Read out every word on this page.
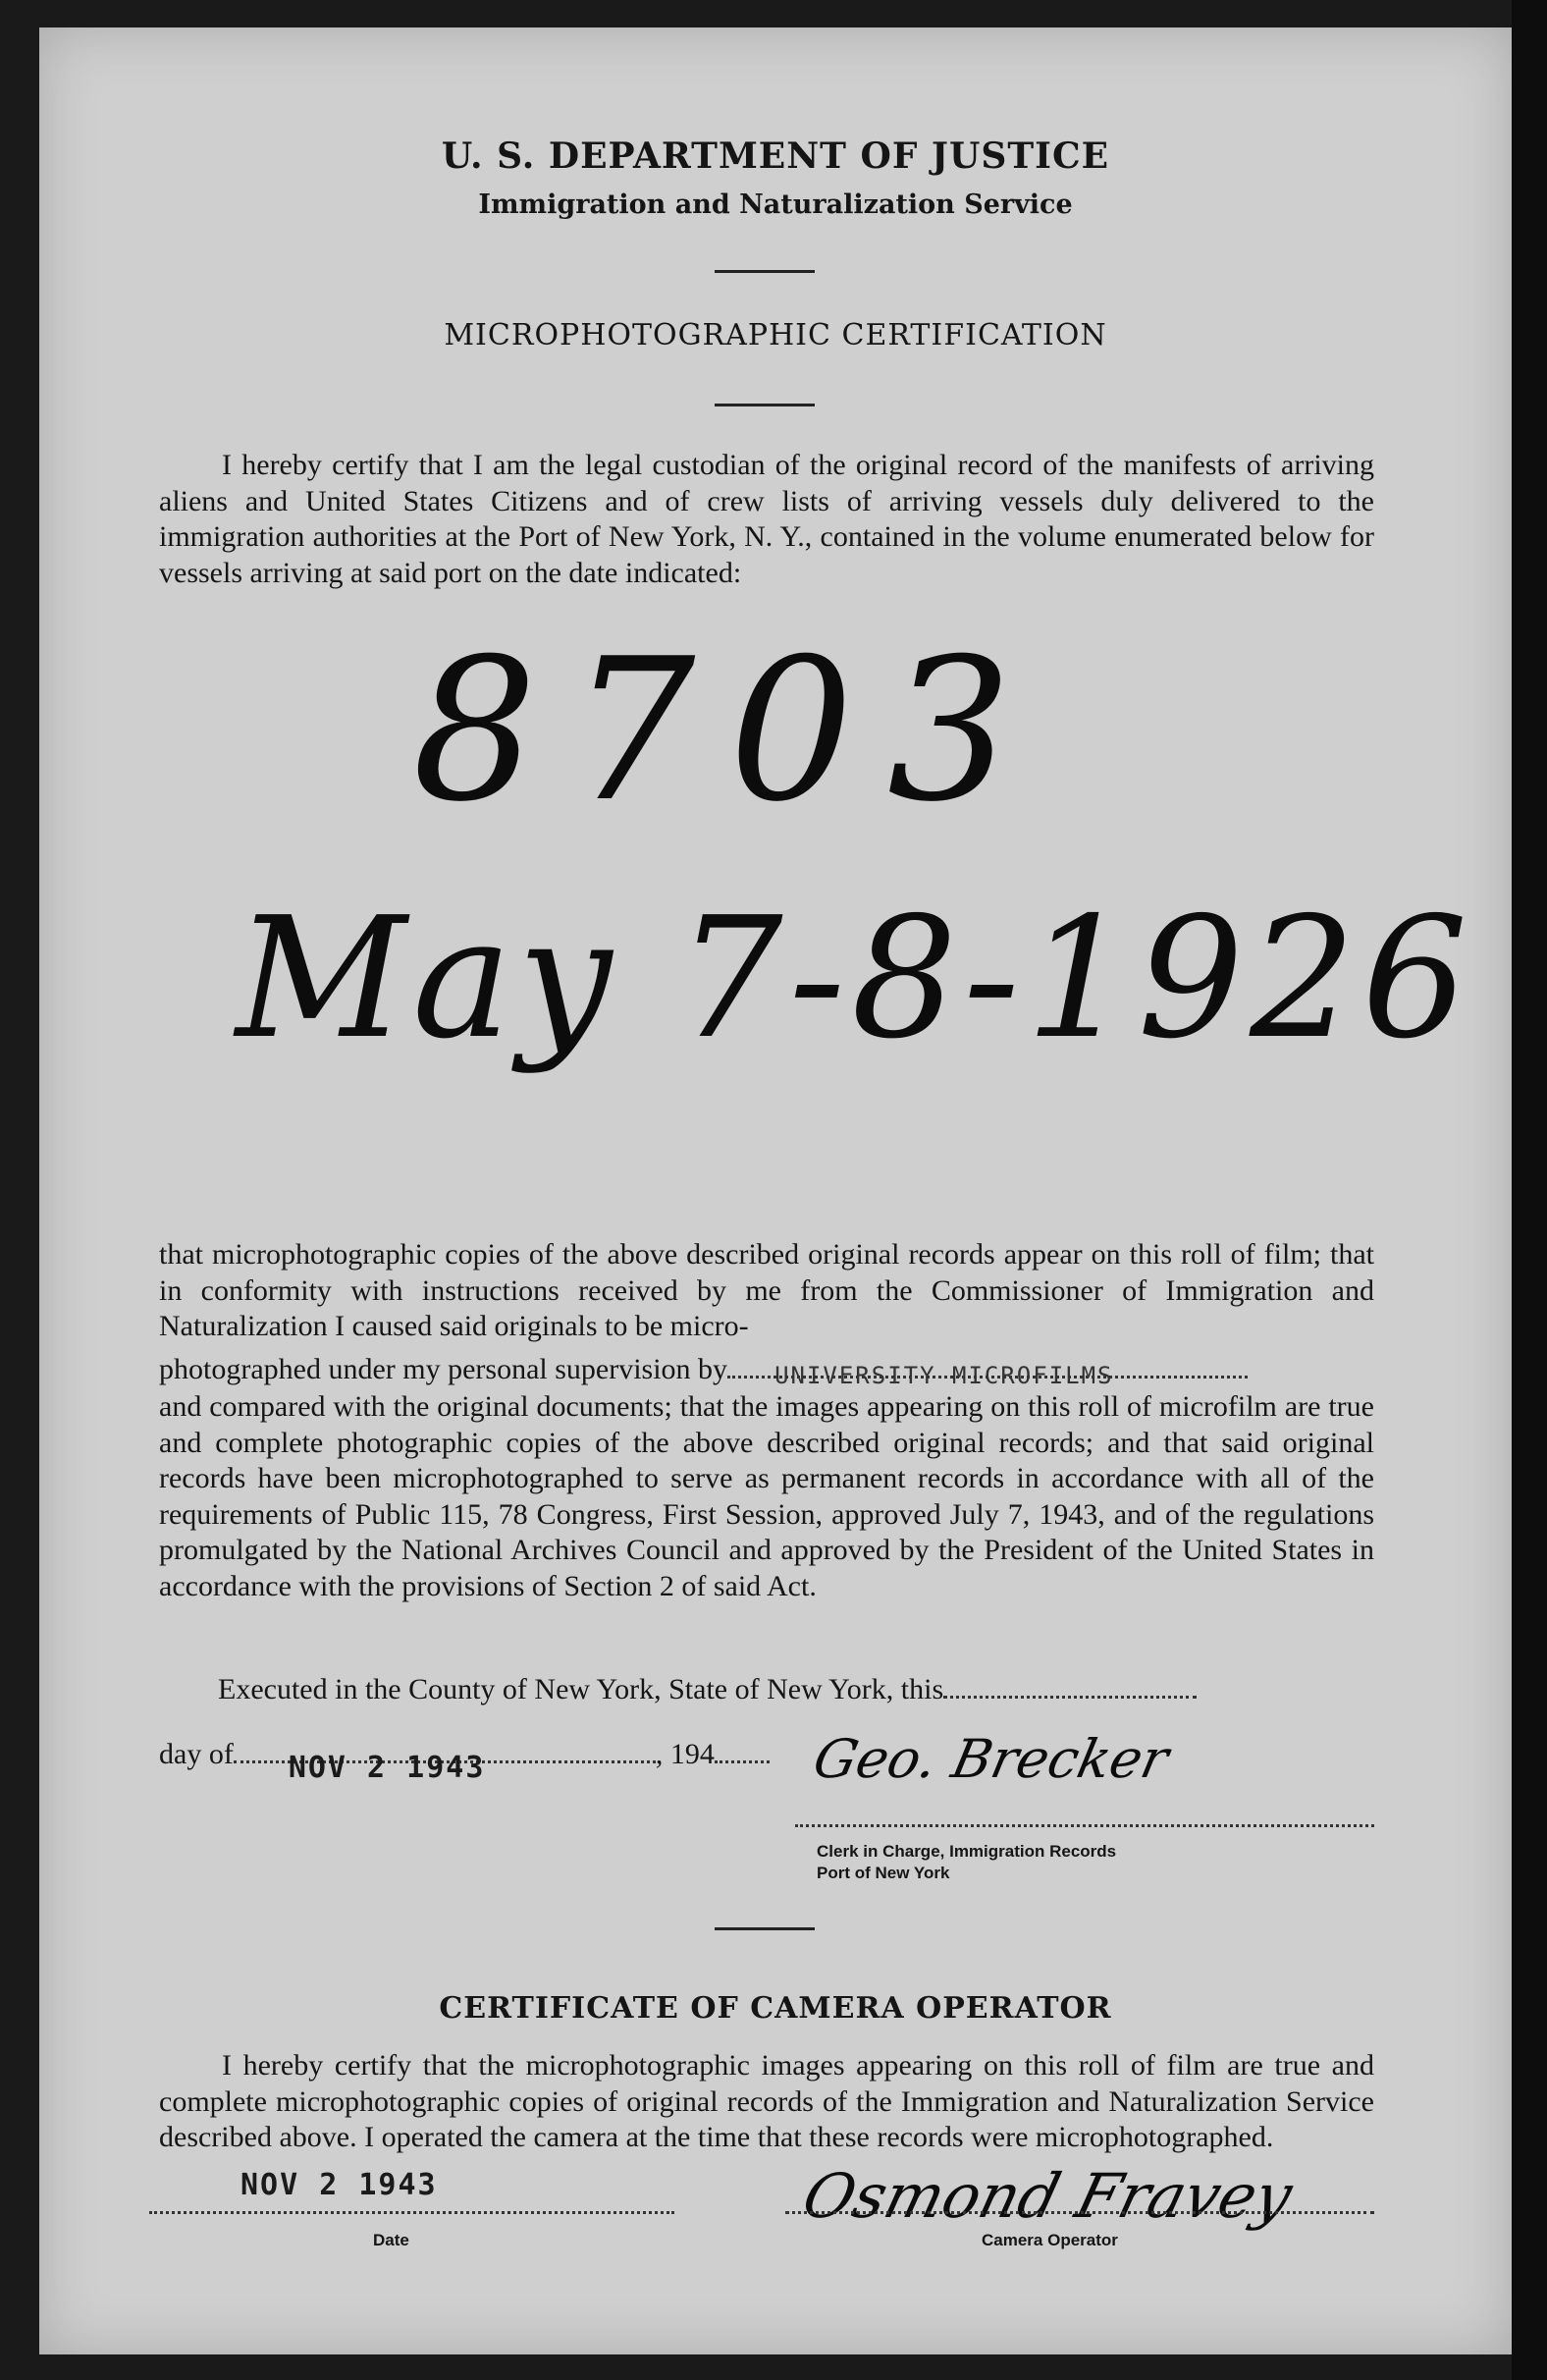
U. S. DEPARTMENT OF JUSTICE
Immigration and Naturalization Service
MICROPHOTOGRAPHIC CERTIFICATION
I hereby certify that I am the legal custodian of the original record of the manifests of arriving aliens and United States Citizens and of crew lists of arriving vessels duly delivered to the immigration authorities at the Port of New York, N. Y., contained in the volume enumerated below for vessels arriving at said port on the date indicated:
8703
May 7-8-1926
that microphotographic copies of the above described original records appear on this roll of film; that in conformity with instructions received by me from the Commissioner of Immigration and Naturalization I caused said originals to be micro-
photographed under my personal supervision by UNIVERSITY MICROFILMS
and compared with the original documents; that the images appearing on this roll of microfilm are true and complete photographic copies of the above described original records; and that said original records have been microphotographed to serve as permanent records in accordance with all of the requirements of Public 115, 78 Congress, First Session, approved July 7, 1943, and of the regulations promulgated by the National Archives Council and approved by the President of the United States in accordance with the provisions of Section 2 of said Act.
Executed in the County of New York, State of New York, this
day of NOV 2 1943	, 194	Geo. Brecker
Clerk in Charge, Immigration Records
Port of New York
CERTIFICATE OF CAMERA OPERATOR
I hereby certify that the microphotographic images appearing on this roll of film are true and complete microphotographic copies of original records of the Immigration and Naturalization Service described above. I operated the camera at the time that these records were microphotographed.
NOV 2 1943
Date
Osmond Fravey
Camera Operator
